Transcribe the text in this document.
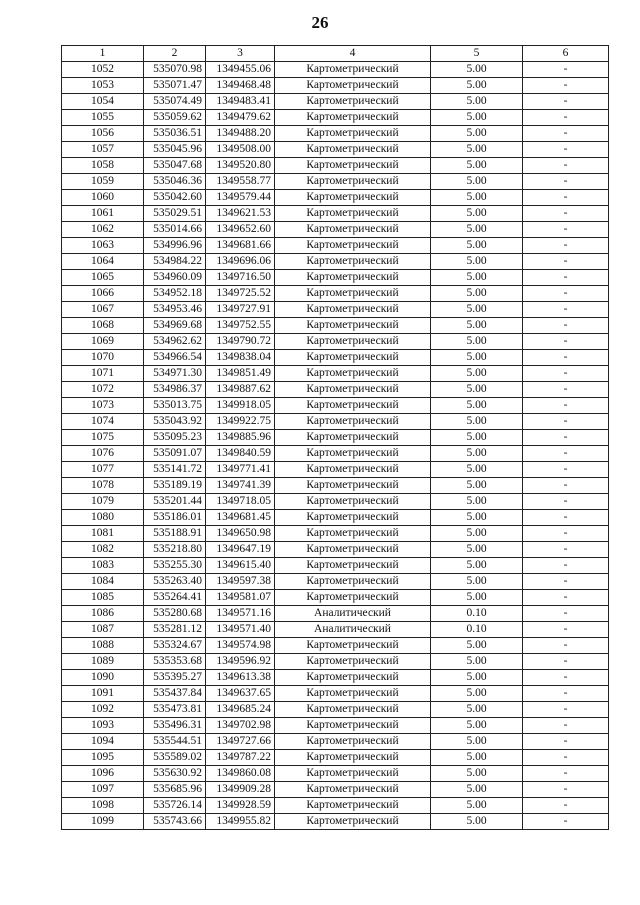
26
1	2	3	4	5	6
1052	535070.98	1349455.06	Картометрический	5.00	-
1053	535071.47	1349468.48	Картометрический	5.00	-
1054	535074.49	1349483.41	Картометрический	5.00	-
1055	535059.62	1349479.62	Картометрический	5.00	-
1056	535036.51	1349488.20	Картометрический	5.00	-
1057	535045.96	1349508.00	Картометрический	5.00	-
1058	535047.68	1349520.80	Картометрический	5.00	-
1059	535046.36	1349558.77	Картометрический	5.00	-
1060	535042.60	1349579.44	Картометрический	5.00	-
1061	535029.51	1349621.53	Картометрический	5.00	-
1062	535014.66	1349652.60	Картометрический	5.00	-
1063	534996.96	1349681.66	Картометрический	5.00	-
1064	534984.22	1349696.06	Картометрический	5.00	-
1065	534960.09	1349716.50	Картометрический	5.00	-
1066	534952.18	1349725.52	Картометрический	5.00	-
1067	534953.46	1349727.91	Картометрический	5.00	-
1068	534969.68	1349752.55	Картометрический	5.00	-
1069	534962.62	1349790.72	Картометрический	5.00	-
1070	534966.54	1349838.04	Картометрический	5.00	-
1071	534971.30	1349851.49	Картометрический	5.00	-
1072	534986.37	1349887.62	Картометрический	5.00	-
1073	535013.75	1349918.05	Картометрический	5.00	-
1074	535043.92	1349922.75	Картометрический	5.00	-
1075	535095.23	1349885.96	Картометрический	5.00	-
1076	535091.07	1349840.59	Картометрический	5.00	-
1077	535141.72	1349771.41	Картометрический	5.00	-
1078	535189.19	1349741.39	Картометрический	5.00	-
1079	535201.44	1349718.05	Картометрический	5.00	-
1080	535186.01	1349681.45	Картометрический	5.00	-
1081	535188.91	1349650.98	Картометрический	5.00	-
1082	535218.80	1349647.19	Картометрический	5.00	-
1083	535255.30	1349615.40	Картометрический	5.00	-
1084	535263.40	1349597.38	Картометрический	5.00	-
1085	535264.41	1349581.07	Картометрический	5.00	-
1086	535280.68	1349571.16	Аналитический	0.10	-
1087	535281.12	1349571.40	Аналитический	0.10	-
1088	535324.67	1349574.98	Картометрический	5.00	-
1089	535353.68	1349596.92	Картометрический	5.00	-
1090	535395.27	1349613.38	Картометрический	5.00	-
1091	535437.84	1349637.65	Картометрический	5.00	-
1092	535473.81	1349685.24	Картометрический	5.00	-
1093	535496.31	1349702.98	Картометрический	5.00	-
1094	535544.51	1349727.66	Картометрический	5.00	-
1095	535589.02	1349787.22	Картометрический	5.00	-
1096	535630.92	1349860.08	Картометрический	5.00	-
1097	535685.96	1349909.28	Картометрический	5.00	-
1098	535726.14	1349928.59	Картометрический	5.00	-
1099	535743.66	1349955.82	Картометрический	5.00	-
